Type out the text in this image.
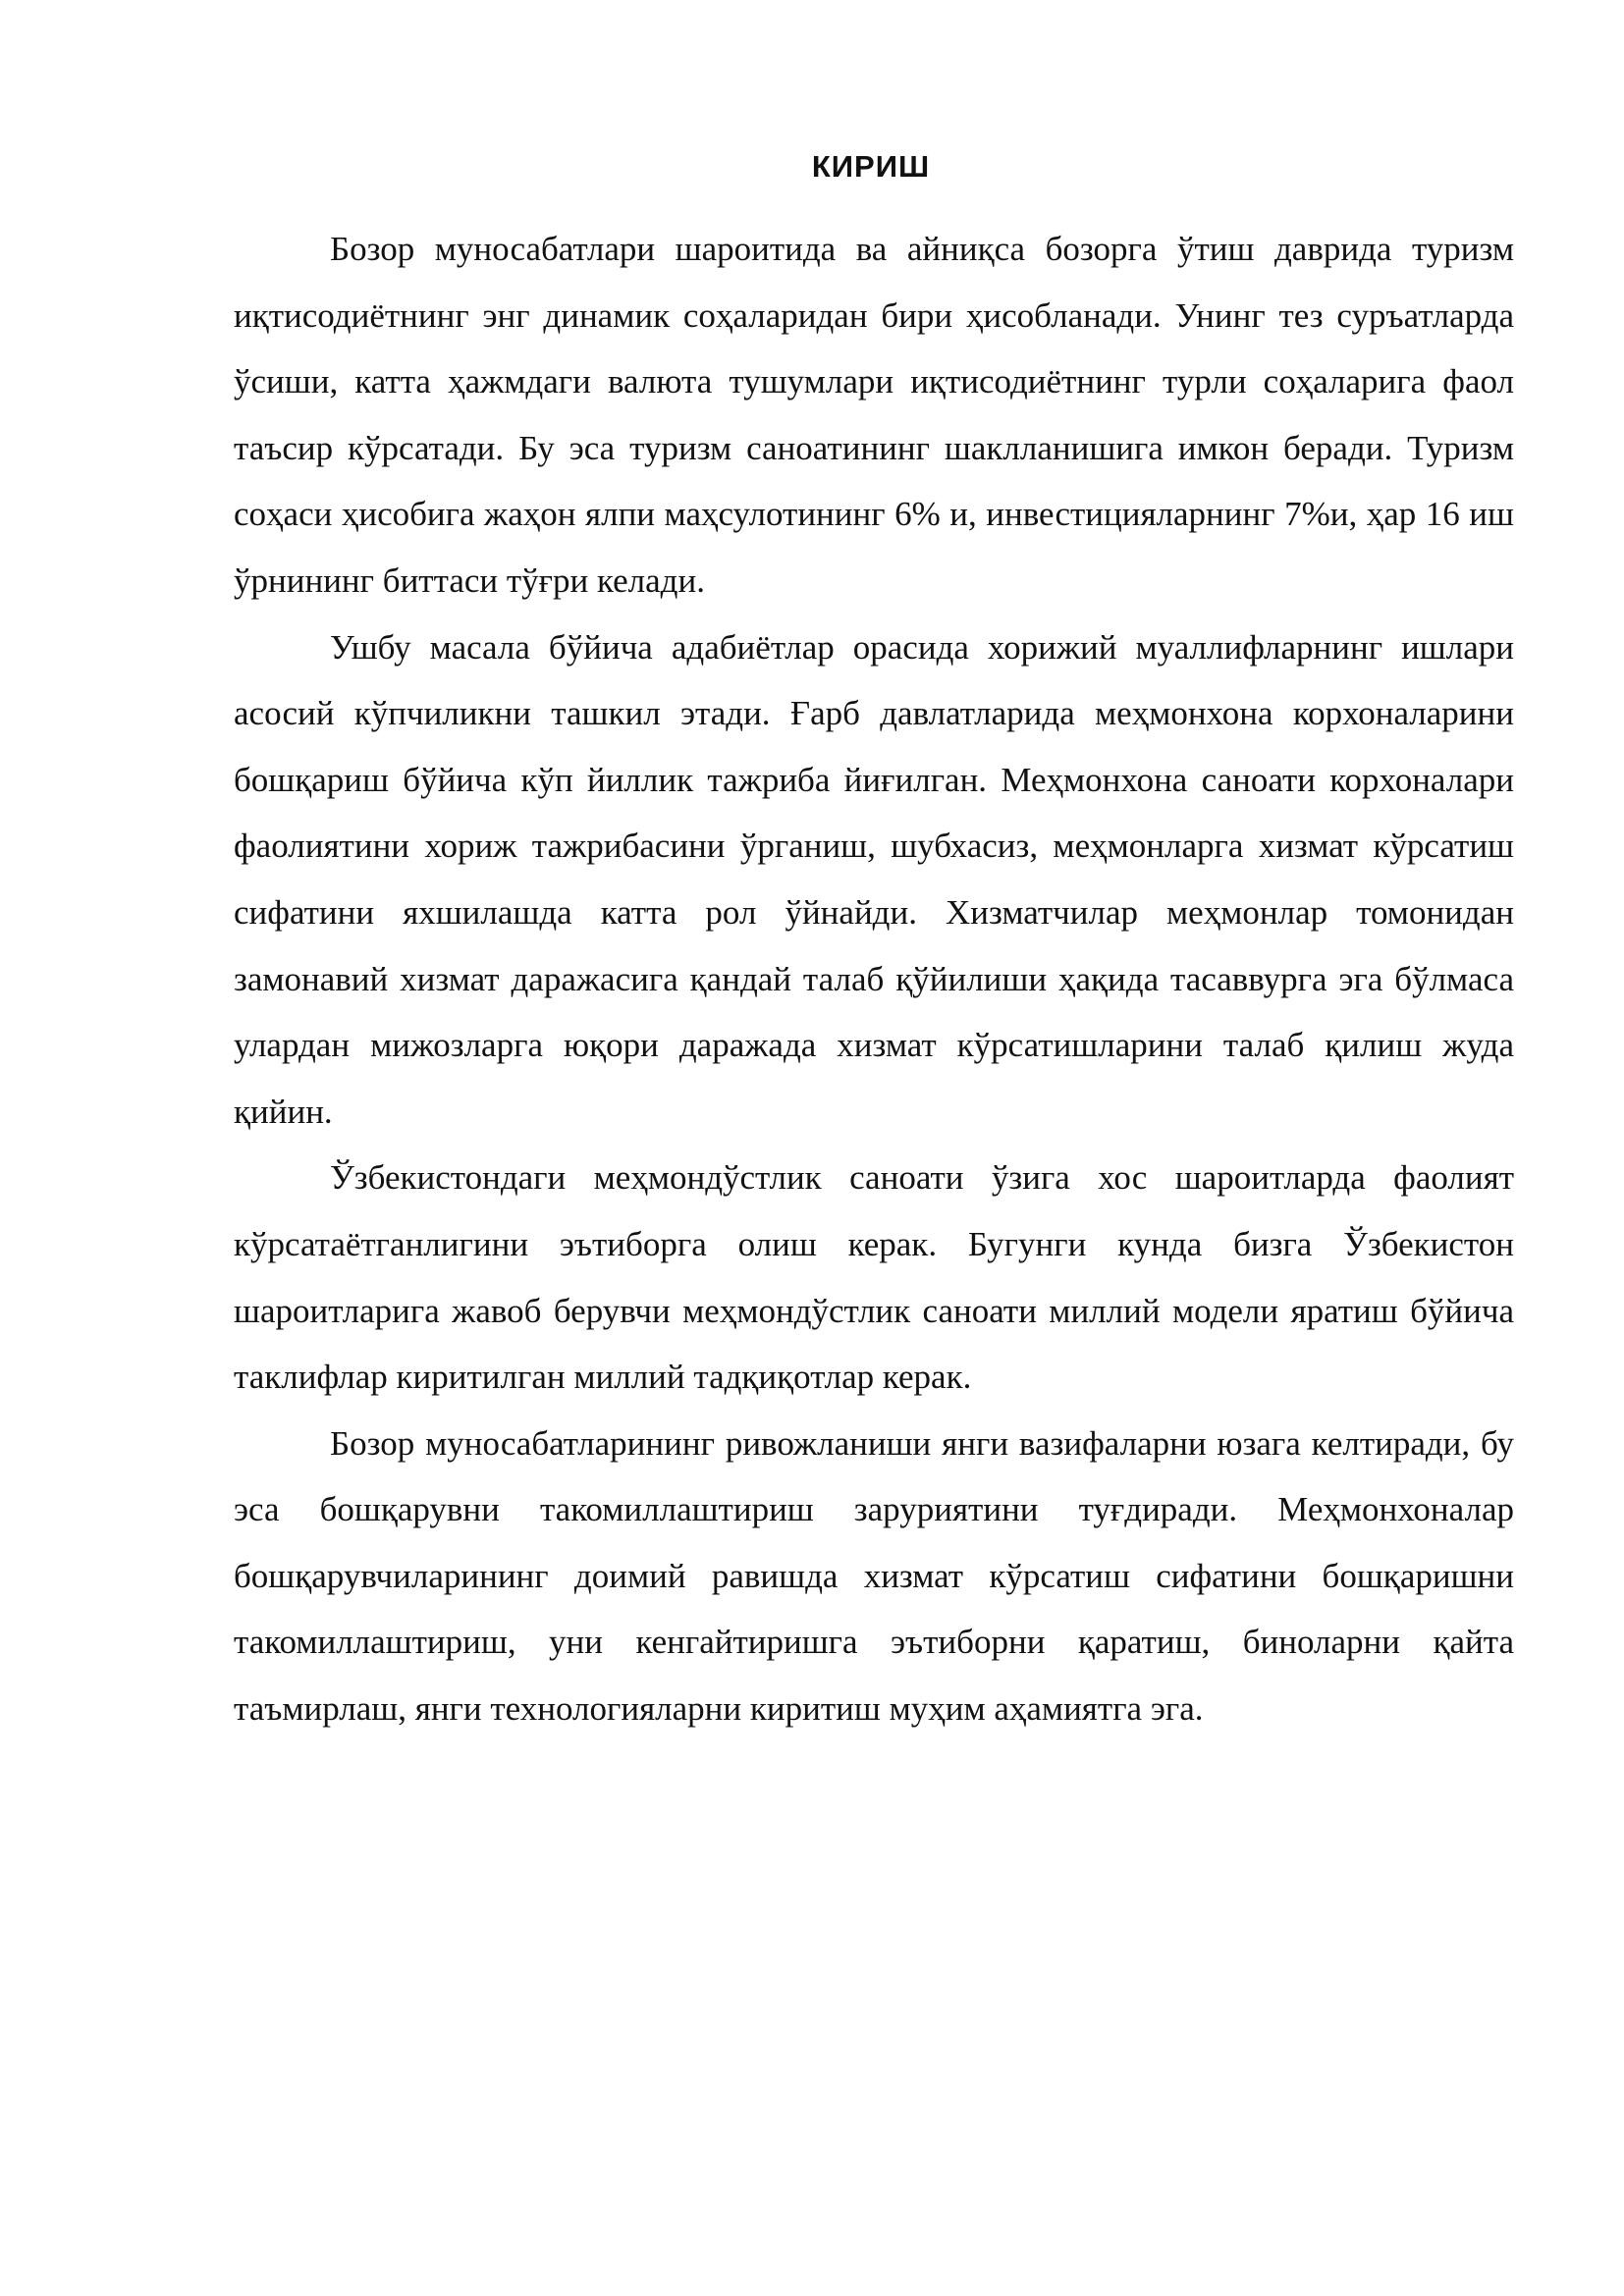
КИРИШ

Бозор муносабатлари шароитида ва айниқса бозорга ўтиш даврида туризм иқтисодиётнинг энг динамик соҳаларидан бири ҳисобланади. Унинг тез суръатларда ўсиши, катта ҳажмдаги валюта тушумлари иқтисодиётнинг турли соҳаларига фаол таъсир кўрсатади. Бу эса туризм саноатининг шаклланишига имкон беради. Туризм соҳаси ҳисобига жаҳон ялпи маҳсулотининг 6% и, инвестицияларнинг 7%и, ҳар 16 иш ўрнининг биттаси тўғри келади.

Ушбу масала бўйича адабиётлар орасида хорижий муаллифларнинг ишлари асосий кўпчиликни ташкил этади. Ғарб давлатларида меҳмонхона корхоналарини бошқариш бўйича кўп йиллик тажриба йиғилган. Меҳмонхона саноати корхоналари фаолиятини хориж тажрибасини ўрганиш, шубхасиз, меҳмонларга хизмат кўрсатиш сифатини яхшилашда катта рол ўйнайди. Хизматчилар меҳмонлар томонидан замонавий хизмат даражасига қандай талаб қўйилиши ҳақида тасаввурга эга бўлмаса улардан мижозларга юқори даражада хизмат кўрсатишларини талаб қилиш жуда қийин.

Ўзбекистондаги меҳмондўстлик саноати ўзига хос шароитларда фаолият кўрсатаётганлигини эътиборга олиш керак. Бугунги кунда бизга Ўзбекистон шароитларига жавоб берувчи меҳмондўстлик саноати миллий модели яратиш бўйича таклифлар киритилган миллий тадқиқотлар керак.

Бозор муносабатларининг ривожланиши янги вазифаларни юзага келтиради, бу эса бошқарувни такомиллаштириш заруриятини туғдиради. Меҳмонхоналар бошқарувчиларининг доимий равишда хизмат кўрсатиш сифатини бошқаришни такомиллаштириш, уни кенгайтиришга эътиборни қаратиш, биноларни қайта таъмирлаш, янги технологияларни киритиш муҳим аҳамиятга эга.
